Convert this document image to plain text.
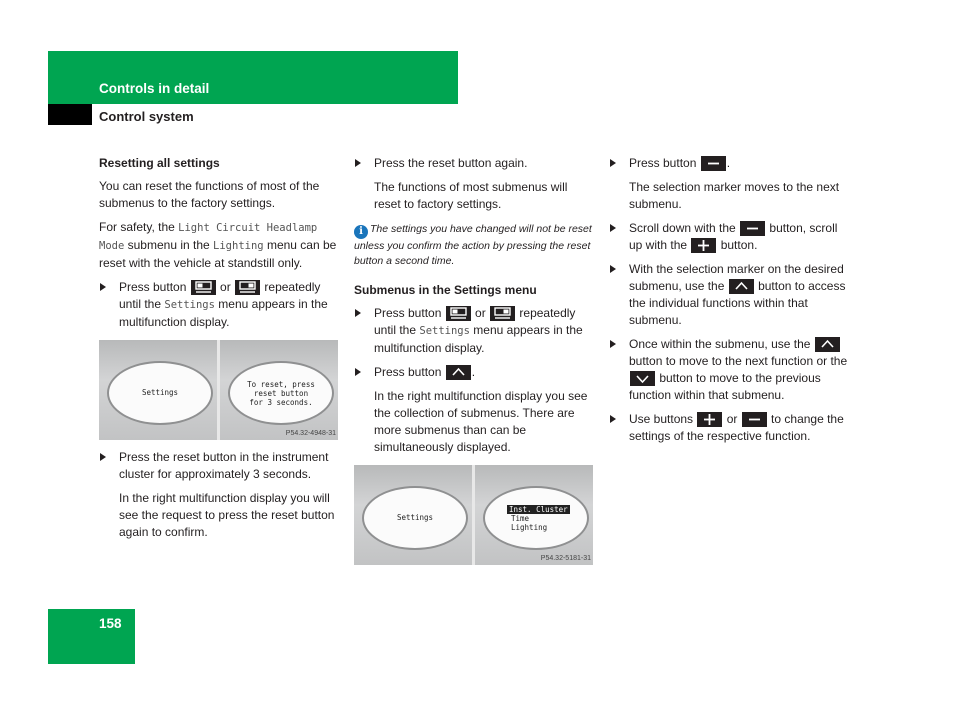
Controls in detail
Control system

Resetting all settings

You can reset the functions of most of the submenus to the factory settings.

For safety, the Light Circuit Headlamp Mode submenu in the Lighting menu can be reset with the vehicle at standstill only.

Press button
or
repeatedly until the Settings menu appears in the multifunction display.
Settings
To reset, press
reset button
for 3 seconds.
P54.32-4948-31
Press the reset button in the instrument cluster for approximately 3 seconds.

In the right multifunction display you will see the request to press the reset button again to confirm.

Press the reset button again.

The functions of most submenus will reset to factory settings.

i The settings you have changed will not be reset unless you confirm the action by pressing the reset button a second time.

Submenus in the Settings menu

Press button
or
repeatedly until the Settings menu appears in the multifunction display.
Press button
.

In the right multifunction display you see the collection of submenus. There are more submenus than can be simultaneously displayed.

Settings
Inst. Cluster
Time
Lighting
P54.32-5181-31
Press button
.

The selection marker moves to the next submenu.

Scroll down with the
button, scroll up with the
button.
With the selection marker on the desired submenu, use the
button to access the individual functions within that submenu.
Once within the submenu, use the
button to move to the next function or the
button to move to the previous function within that submenu.
Use buttons
or
to change the settings of the respective function.
158
